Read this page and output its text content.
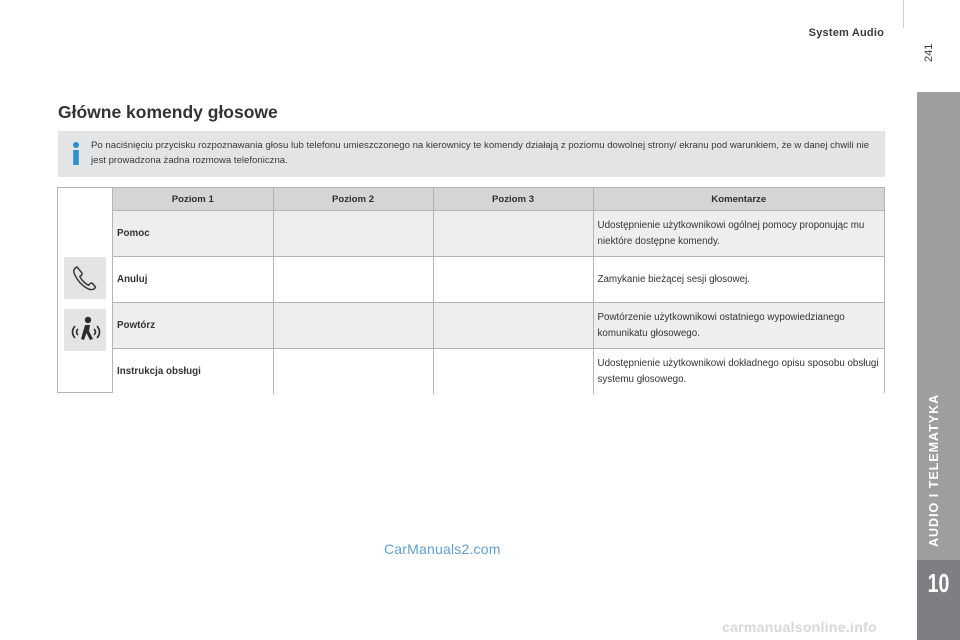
System Audio
241
AUDIO I TELEMATYKA
10
Główne komendy głosowe
Po naciśnięciu przycisku rozpoznawania głosu lub telefonu umieszczonego na kierownicy te komendy działają z poziomu dowolnej strony/ ekranu pod warunkiem, że w danej chwili nie jest prowadzona żadna rozmowa telefoniczna.
Poziom 1	Poziom 2	Poziom 3	Komentarze
Pomoc			Udostępnienie użytkownikowi ogólnej pomocy proponując mu niektóre dostępne komendy.
Anuluj			Zamykanie bieżącej sesji głosowej.
Powtórz			Powtórzenie użytkownikowi ostatniego wypowiedzianego komunikatu głosowego.
Instrukcja obsługi			Udostępnienie użytkownikowi dokładnego opisu sposobu obsługi systemu głosowego.
CarManuals2.com
carmanualsonline.info
